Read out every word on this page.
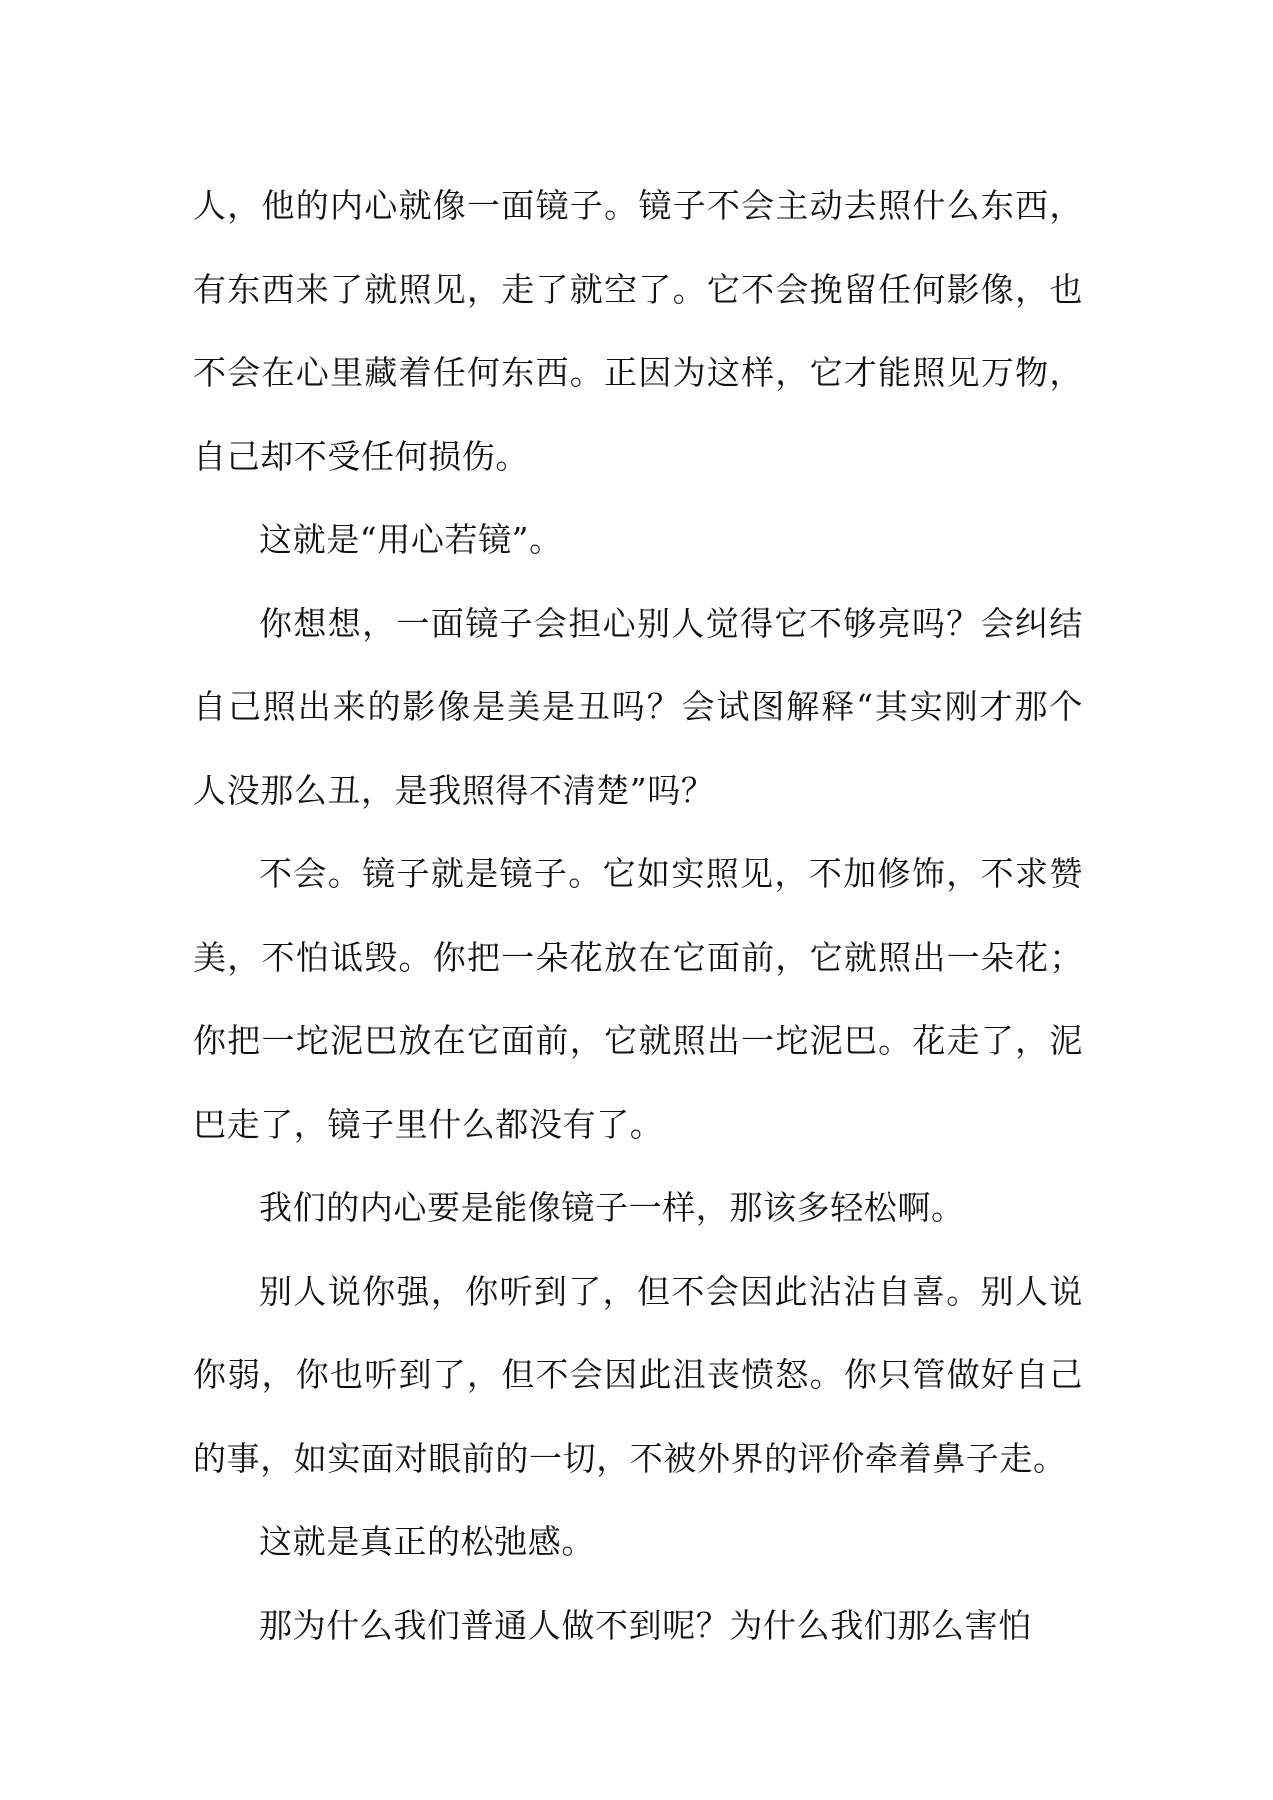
人，他的内心就像一面镜子。镜子不会主动去照什么东西，有东西来了就照见，走了就空了。它不会挽留任何影像，也不会在心里藏着任何东西。正因为这样，它才能照见万物，自己却不受任何损伤。

这就是“用心若镜”。

你想想，一面镜子会担心别人觉得它不够亮吗？会纠结自己照出来的影像是美是丑吗？会试图解释“其实刚才那个人没那么丑，是我照得不清楚”吗？

不会。镜子就是镜子。它如实照见，不加修饰，不求赞美，不怕诋毁。你把一朵花放在它面前，它就照出一朵花；你把一坨泥巴放在它面前，它就照出一坨泥巴。花走了，泥巴走了，镜子里什么都没有了。

我们的内心要是能像镜子一样，那该多轻松啊。

别人说你强，你听到了，但不会因此沾沾自喜。别人说你弱，你也听到了，但不会因此沮丧愤怒。你只管做好自己的事，如实面对眼前的一切，不被外界的评价牵着鼻子走。

这就是真正的松弛感。

那为什么我们普通人做不到呢？为什么我们那么害怕
